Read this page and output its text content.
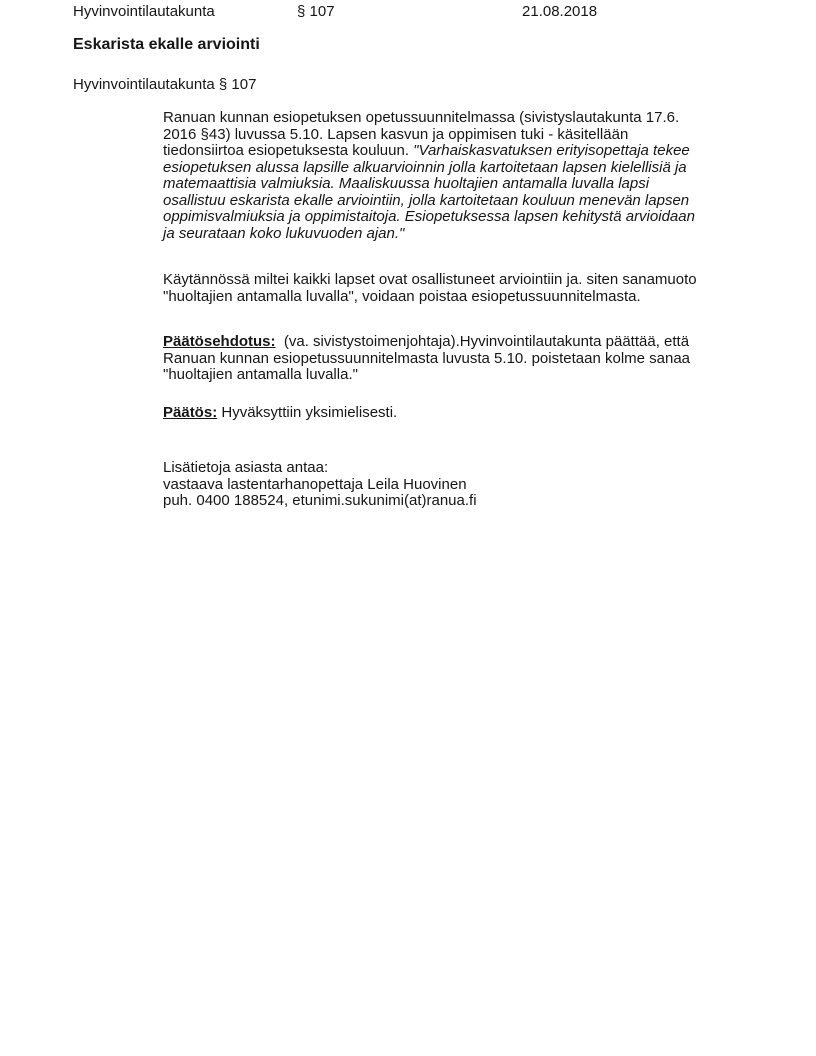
Hyvinvointilautakunta	§ 107	21.08.2018
Eskarista ekalle arviointi
Hyvinvointilautakunta § 107

Ranuan kunnan esiopetuksen opetussuunnitelmassa (sivistyslautakunta 17.6.
2016 §43) luvussa 5.10. Lapsen kasvun ja oppimisen tuki - käsitellään
tiedonsiirtoa esiopetuksesta kouluun. "Varhaiskasvatuksen erityisopettaja tekee
esiopetuksen alussa lapsille alkuarvioinnin jolla kartoitetaan lapsen kielellisiä ja
matemaattisia valmiuksia. Maaliskuussa huoltajien antamalla luvalla lapsi
osallistuu eskarista ekalle arviointiin, jolla kartoitetaan kouluun menevän lapsen
oppimisvalmiuksia ja oppimistaitoja. Esiopetuksessa lapsen kehitystä arvioidaan
ja seurataan koko lukuvuoden ajan."

Käytännössä miltei kaikki lapset ovat osallistuneet arviointiin ja. siten sanamuoto
"huoltajien antamalla luvalla", voidaan poistaa esiopetussuunnitelmasta.

Päätösehdotus:  (va. sivistystoimenjohtaja).Hyvinvointilautakunta päättää, että
Ranuan kunnan esiopetussuunnitelmasta luvusta 5.10. poistetaan kolme sanaa
"huoltajien antamalla luvalla."

Päätös: Hyväksyttiin yksimielisesti.

Lisätietoja asiasta antaa:
vastaava lastentarhanopettaja Leila Huovinen
puh. 0400 188524, etunimi.sukunimi(at)ranua.fi
